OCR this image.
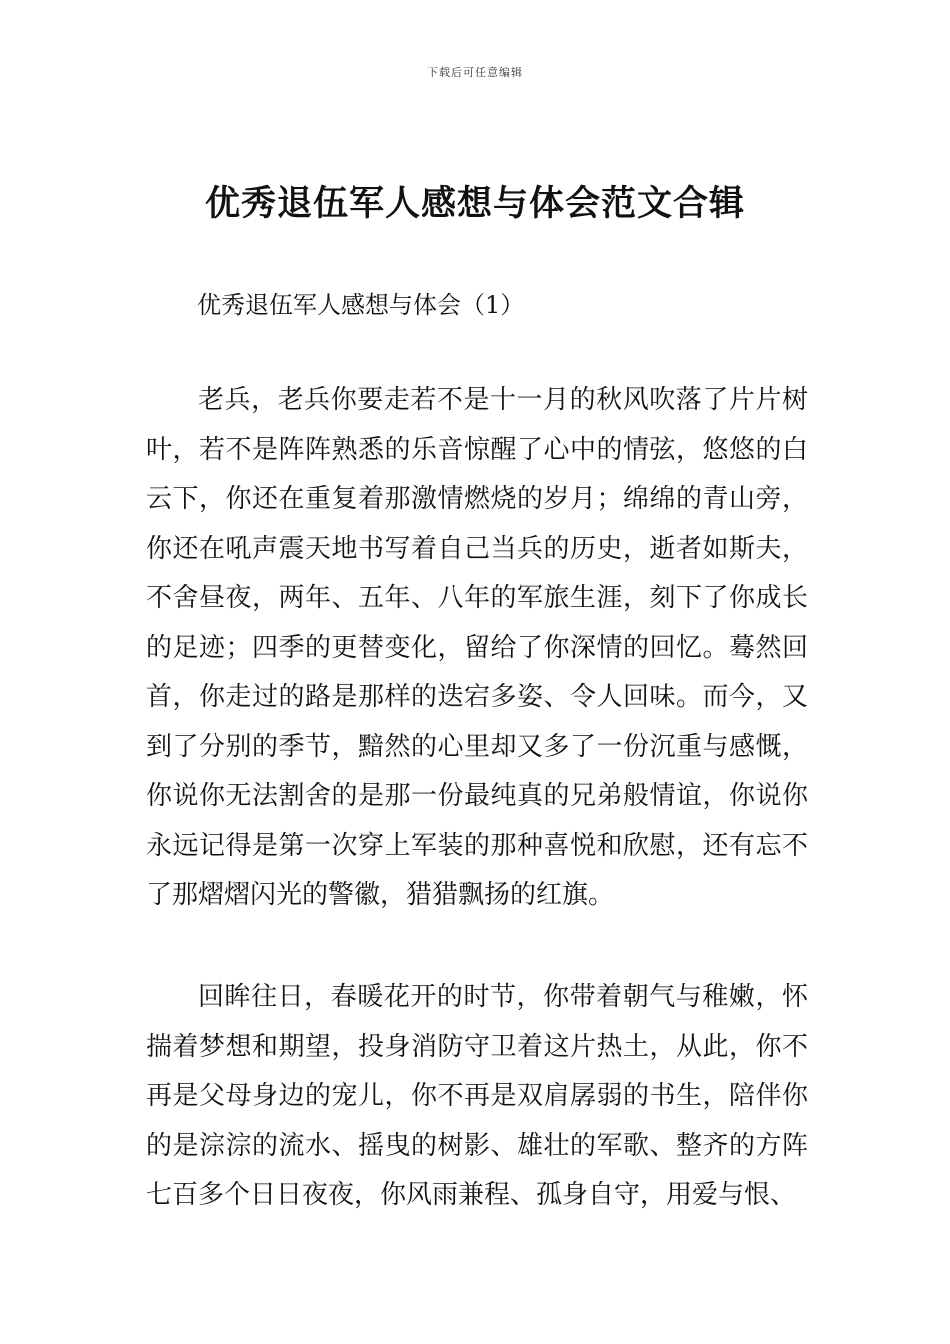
下载后可任意编辑
优秀退伍军人感想与体会范文合辑

优秀退伍军人感想与体会（1）

老兵，老兵你要走若不是十一月的秋风吹落了片片树叶，若不是阵阵熟悉的乐音惊醒了心中的情弦，悠悠的白云下，你还在重复着那激情燃烧的岁月；绵绵的青山旁，你还在吼声震天地书写着自己当兵的历史，逝者如斯夫，不舍昼夜，两年、五年、八年的军旅生涯，刻下了你成长的足迹；四季的更替变化，留给了你深情的回忆。蓦然回首，你走过的路是那样的迭宕多姿、令人回味。而今，又到了分别的季节，黯然的心里却又多了一份沉重与感慨，你说你无法割舍的是那一份最纯真的兄弟般情谊，你说你永远记得是第一次穿上军装的那种喜悦和欣慰，还有忘不了那熠熠闪光的警徽，猎猎飘扬的红旗。

回眸往日，春暖花开的时节，你带着朝气与稚嫩，怀揣着梦想和期望，投身消防守卫着这片热土，从此，你不再是父母身边的宠儿，你不再是双肩孱弱的书生，陪伴你的是淙淙的流水、摇曳的树影、雄壮的军歌、整齐的方阵七百多个日日夜夜，你风雨兼程、孤身自守，用爱与恨、
